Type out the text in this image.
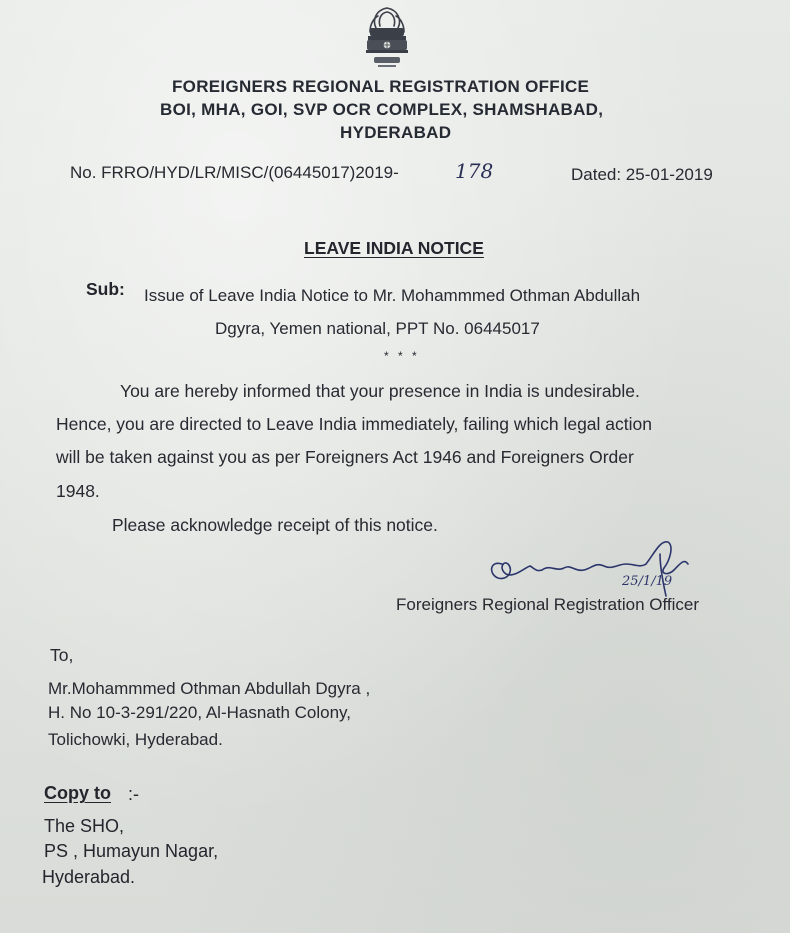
FOREIGNERS REGIONAL REGISTRATION OFFICE
BOI, MHA, GOI, SVP OCR COMPLEX, SHAMSHABAD,
HYDERABAD
No. FRRO/HYD/LR/MISC/(06445017)2019-	178	Dated: 25-01-2019
LEAVE INDIA NOTICE
Sub: Issue of Leave India Notice to Mr. Mohammmed Othman Abdullah
Dgyra, Yemen national, PPT No. 06445017
* * *
You are hereby informed that your presence in India is undesirable.
Hence, you are directed to Leave India immediately, failing which legal action
will be taken against you as per Foreigners Act 1946 and Foreigners Order
1948.
Please acknowledge receipt of this notice.
25/1/19
Foreigners Regional Registration Officer
To,
Mr.Mohammmed Othman Abdullah Dgyra ,
H. No 10-3-291/220, Al-Hasnath Colony,
Tolichowki, Hyderabad.
Copy to :-
The SHO,
PS , Humayun Nagar,
Hyderabad.
